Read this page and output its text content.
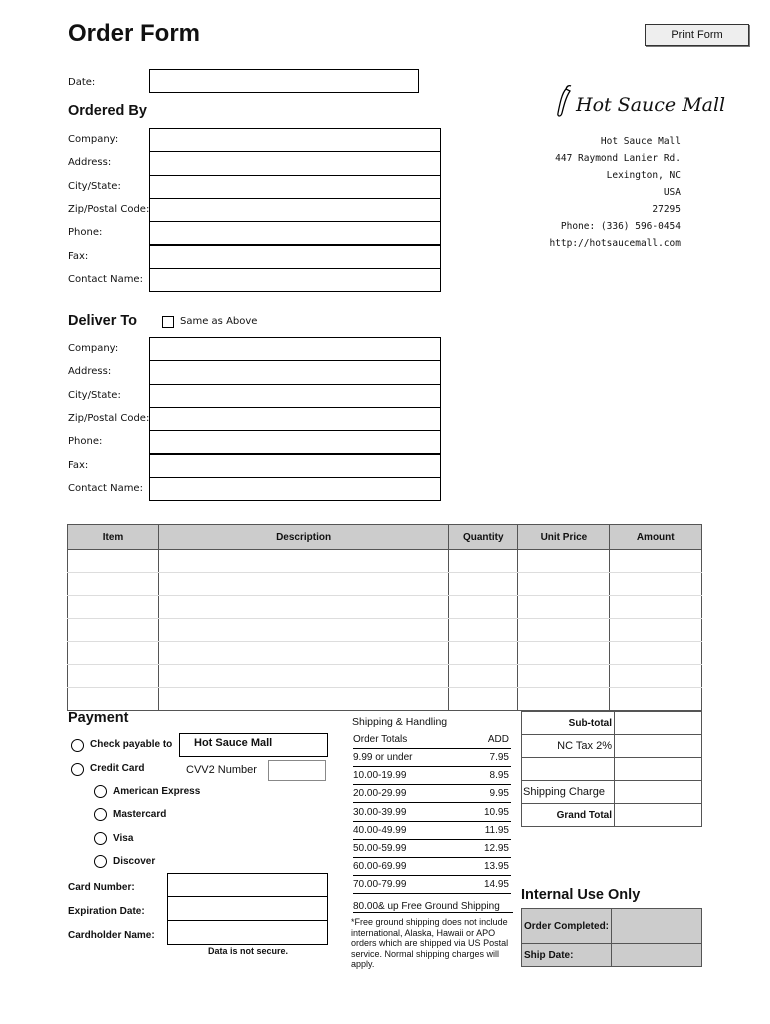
Order Form	Print Form
Date:
Ordered By
Company:
Address:
City/State:
Zip/Postal Code:
Phone:
Fax:
Contact Name:
Hot Sauce Mall
Hot Sauce Mall
447 Raymond Lanier Rd.
Lexington, NC
USA
27295
Phone: (336) 596-0454
http://hotsaucemall.com
Deliver To	Same as Above
Company:
Address:
City/State:
Zip/Postal Code:
Phone:
Fax:
Contact Name:
Item	Description	Quantity	Unit Price	Amount

Payment
Check payable to Hot Sauce Mall
Credit Card	CVV2 Number
American Express
Mastercard
Visa
Discover
Card Number:
Expiration Date:
Cardholder Name:
Data is not secure.
Shipping & Handling
Order Totals	ADD
9.99 or under	7.95
10.00-19.99	8.95
20.00-29.99	9.95
30.00-39.99	10.95
40.00-49.99	11.95
50.00-59.99	12.95
60.00-69.99	13.95
70.00-79.99	14.95
80.00& up Free Ground Shipping
*Free ground shipping does not include international, Alaska, Hawaii or APO orders which are shipped via US Postal service. Normal shipping charges will apply.
Sub-total	
NC Tax 2%	

Shipping Charge	
Grand Total	
Internal Use Only
Order Completed:	
Ship Date:	
